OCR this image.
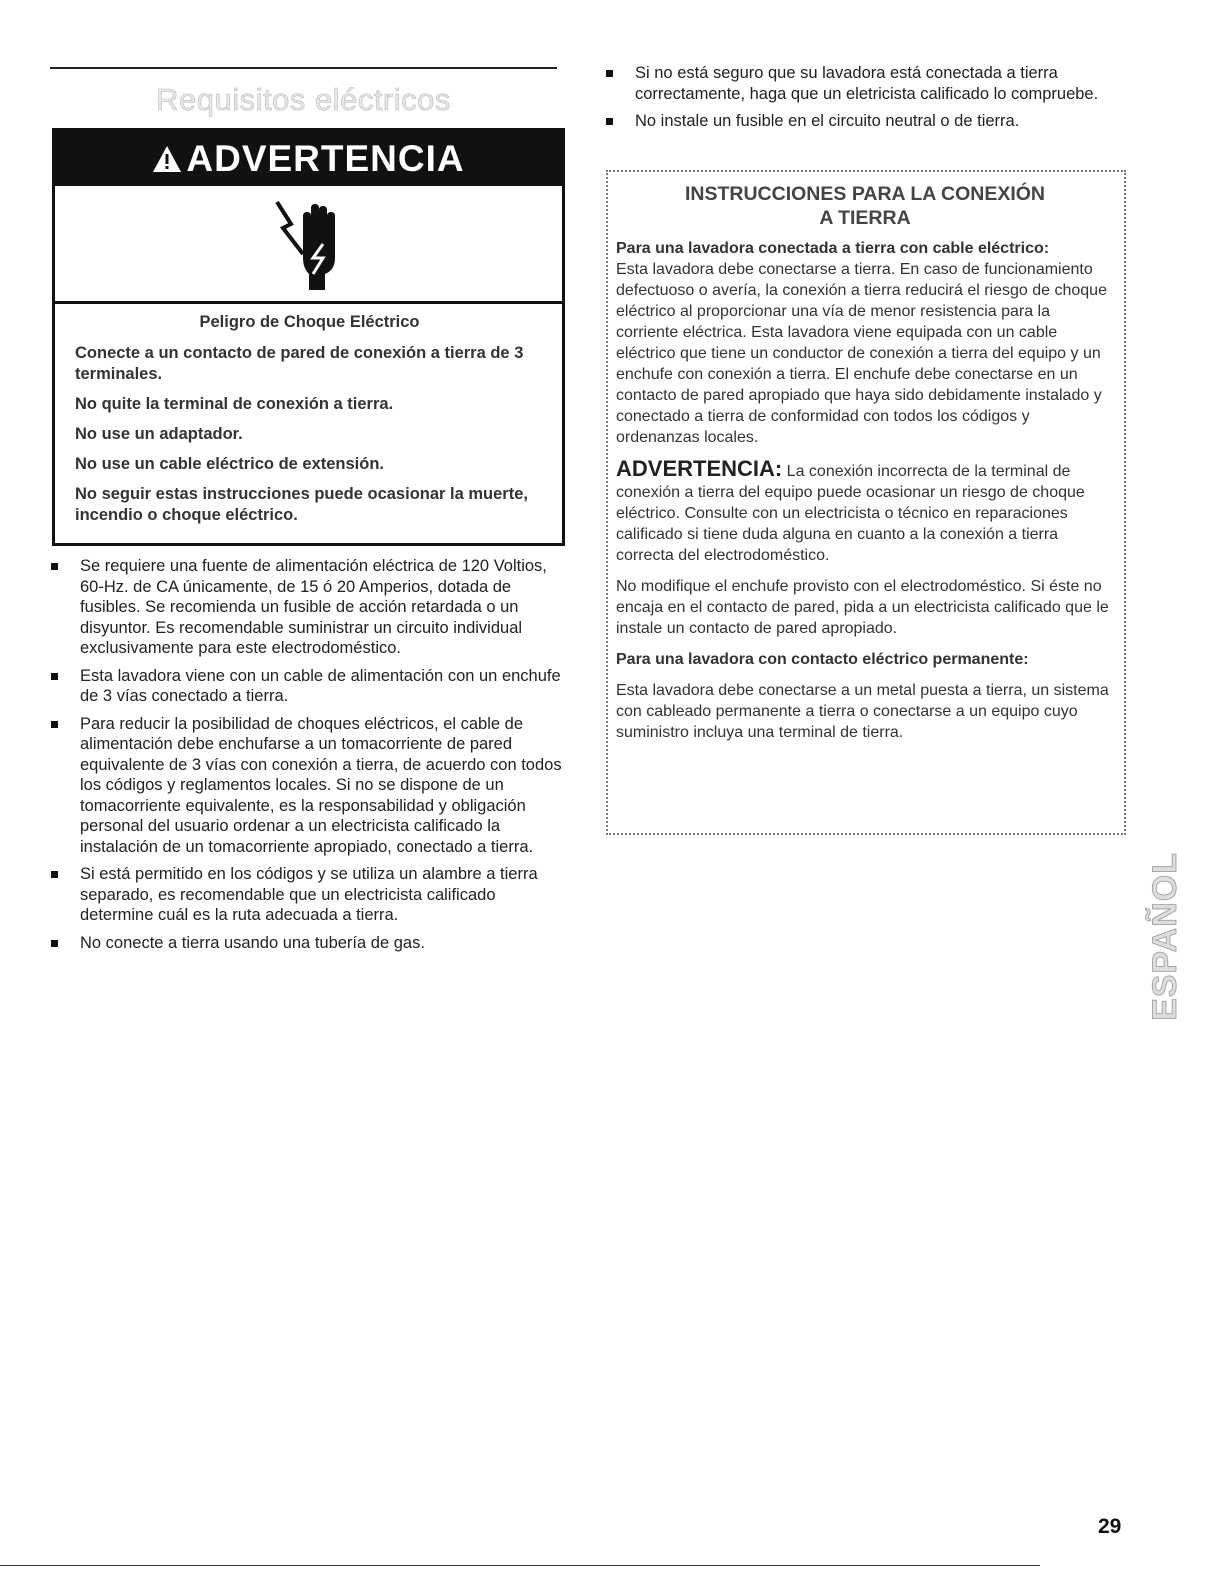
Requisitos eléctricos
ADVERTENCIA

Peligro de Choque Eléctrico

Conecte a un contacto de pared de conexión a tierra de 3 terminales.

No quite la terminal de conexión a tierra.

No use un adaptador.

No use un cable eléctrico de extensión.

No seguir estas instrucciones puede ocasionar la muerte, incendio o choque eléctrico.

Se requiere una fuente de alimentación eléctrica de 120 Voltios, 60-Hz. de CA únicamente, de 15 ó 20 Amperios, dotada de fusibles. Se recomienda un fusible de acción retardada o un disyuntor. Es recomendable suministrar un circuito individual exclusivamente para este electrodoméstico.
Esta lavadora viene con un cable de alimentación con un enchufe de 3 vías conectado a tierra.
Para reducir la posibilidad de choques eléctricos, el cable de alimentación debe enchufarse a un tomacorriente de pared equivalente de 3 vías con conexión a tierra, de acuerdo con todos los códigos y reglamentos locales. Si no se dispone de un tomacorriente equivalente, es la responsabilidad y obligación personal del usuario ordenar a un electricista calificado la instalación de un tomacorriente apropiado, conectado a tierra.
Si está permitido en los códigos y se utiliza un alambre a tierra separado, es recomendable que un electricista calificado determine cuál es la ruta adecuada a tierra.
No conecte a tierra usando una tubería de gas.
Si no está seguro que su lavadora está conectada a tierra correctamente, haga que un eletricista calificado lo compruebe.
No instale un fusible en el circuito neutral o de tierra.
INSTRUCCIONES PARA LA CONEXIÓN
A TIERRA

Para una lavadora conectada a tierra con cable eléctrico:

Esta lavadora debe conectarse a tierra. En caso de funcionamiento defectuoso o avería, la conexión a tierra reducirá el riesgo de choque eléctrico al proporcionar una vía de menor resistencia para la corriente eléctrica. Esta lavadora viene equipada con un cable eléctrico que tiene un conductor de conexión a tierra del equipo y un enchufe con conexión a tierra. El enchufe debe conectarse en un contacto de pared apropiado que haya sido debidamente instalado y conectado a tierra de conformidad con todos los códigos y ordenanzas locales.

ADVERTENCIA: La conexión incorrecta de la terminal de conexión a tierra del equipo puede ocasionar un riesgo de choque eléctrico. Consulte con un electricista o técnico en reparaciones calificado si tiene duda alguna en cuanto a la conexión a tierra correcta del electrodoméstico.

No modifique el enchufe provisto con el electrodoméstico. Si éste no encaja en el contacto de pared, pida a un electricista calificado que le instale un contacto de pared apropiado.

Para una lavadora con contacto eléctrico permanente:

Esta lavadora debe conectarse a un metal puesta a tierra, un sistema con cableado permanente a tierra o conectarse a un equipo cuyo suministro incluya una terminal de tierra.

ESPAÑOL
29
